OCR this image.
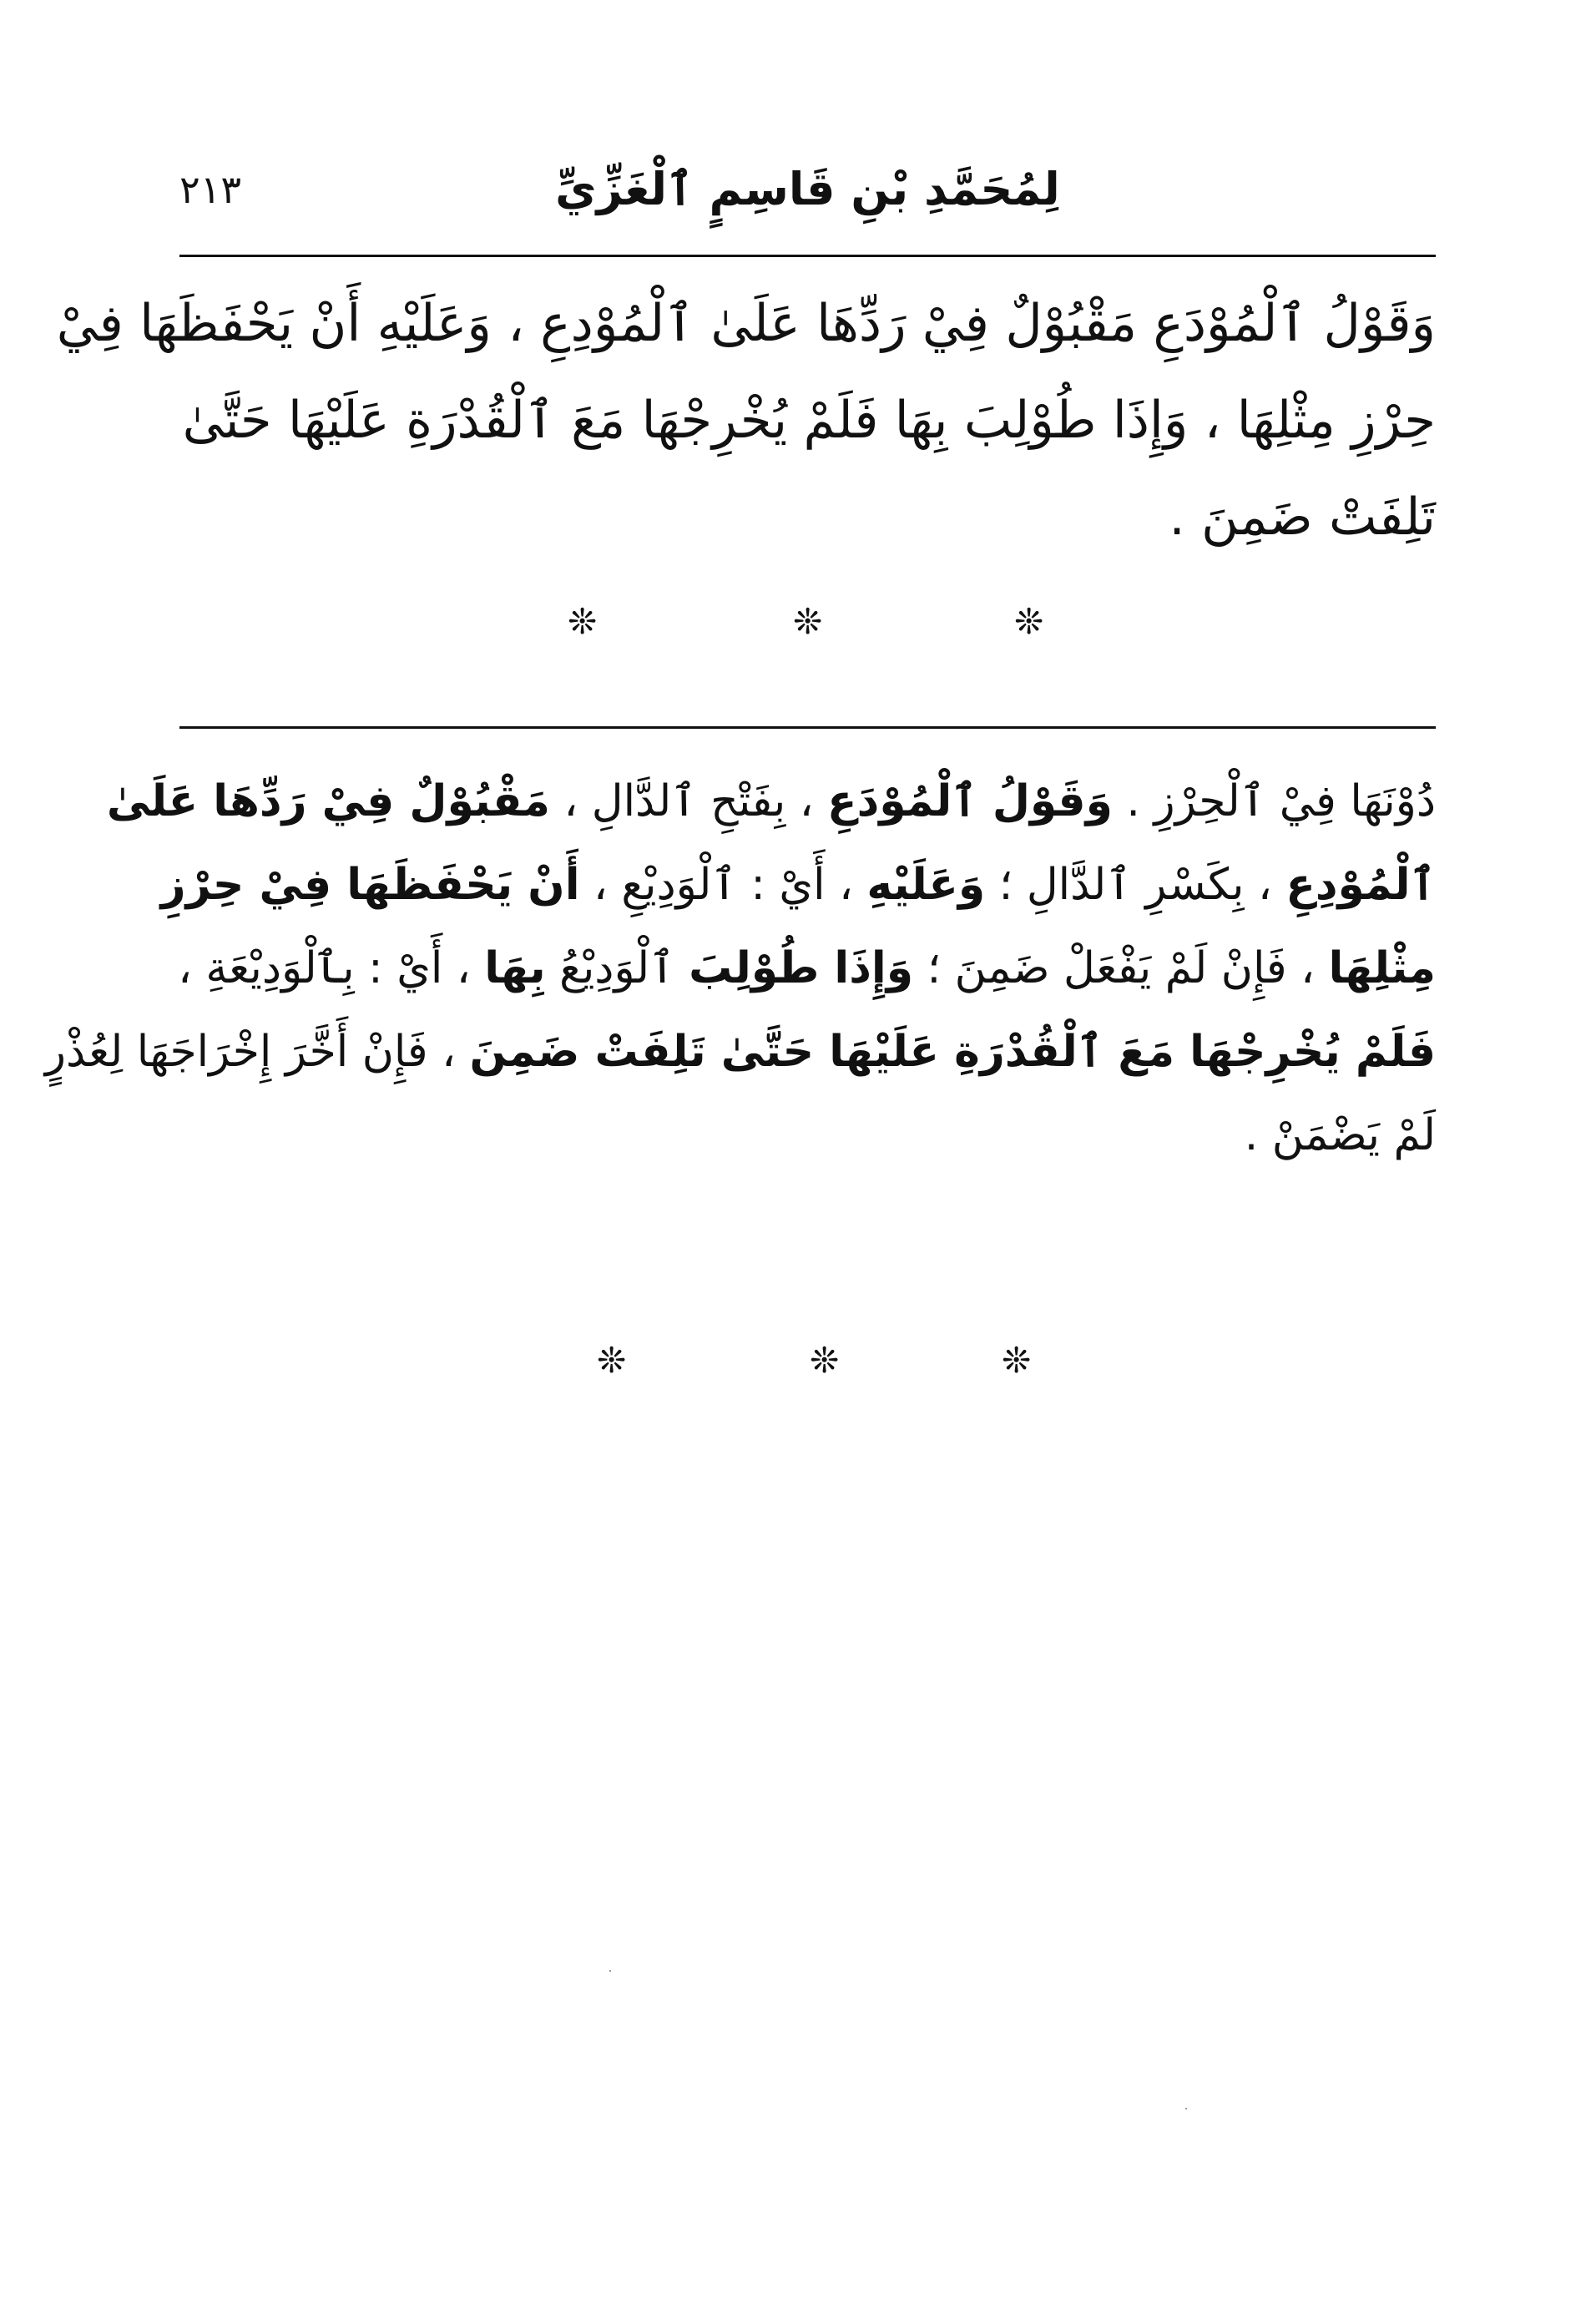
٢١٣	لِمُحَمَّدِ بْنِ قَاسِمٍ ٱلْغَزِّيِّ
وَقَوْلُ ٱلْمُوْدَعِ مَقْبُوْلٌ فِيْ رَدِّهَا عَلَىٰ ٱلْمُوْدِعِ ، وَعَلَيْهِ أَنْ يَحْفَظَهَا فِيْ
حِرْزِ مِثْلِهَا ، وَإِذَا طُوْلِبَ بِهَا فَلَمْ يُخْرِجْهَا مَعَ ٱلْقُدْرَةِ عَلَيْهَا حَتَّىٰ
تَلِفَتْ ضَمِنَ .
❊	❊	❊
دُوْنَهَا فِيْ ٱلْحِرْزِ . وَقَوْلُ ٱلْمُوْدَعِ ، بِفَتْحِ ٱلدَّالِ ، مَقْبُوْلٌ فِيْ رَدِّهَا عَلَىٰ
ٱلْمُوْدِعِ ، بِكَسْرِ ٱلدَّالِ ؛ وَعَلَيْهِ ، أَيْ : ٱلْوَدِيْعِ ، أَنْ يَحْفَظَهَا فِيْ حِرْزِ
مِثْلِهَا ، فَإِنْ لَمْ يَفْعَلْ ضَمِنَ ؛ وَإِذَا طُوْلِبَ ٱلْوَدِيْعُ بِهَا ، أَيْ : بِٱلْوَدِيْعَةِ ،
فَلَمْ يُخْرِجْهَا مَعَ ٱلْقُدْرَةِ عَلَيْهَا حَتَّىٰ تَلِفَتْ ضَمِنَ ، فَإِنْ أَخَّرَ إِخْرَاجَهَا لِعُذْرٍ
لَمْ يَضْمَنْ .
❊	❊	❊
